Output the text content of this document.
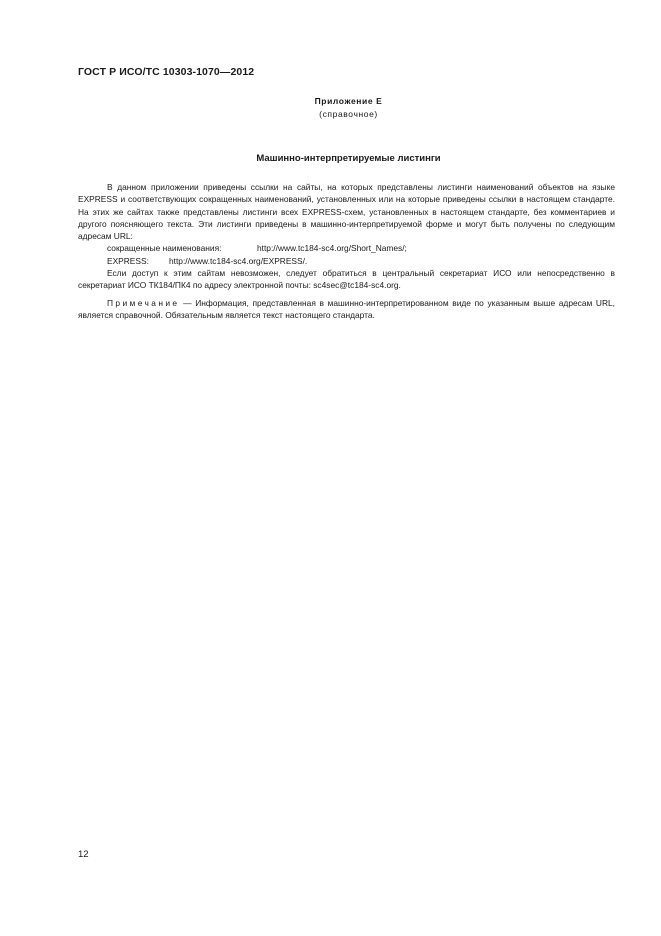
ГОСТ Р ИСО/ТС 10303-1070—2012
Приложение Е
(справочное)
Машинно-интерпретируемые листинги

В данном приложении приведены ссылки на сайты, на которых представлены листинги наименований объектов на языке EXPRESS и соответствующих сокращенных наименований, установленных или на которые приведены ссылки в настоящем стандарте. На этих же сайтах также представлены листинги всех EXPRESS-схем, установленных в настоящем стандарте, без комментариев и другого поясняющего текста. Эти листинги приведены в машинно-интерпретируемой форме и могут быть получены по следующим адресам URL:

сокращенные наименования:	http://www.tc184-sc4.org/Short_Names/;
EXPRESS: http://www.tc184-sc4.org/EXPRESS/.

Если доступ к этим сайтам невозможен, следует обратиться в центральный секретариат ИСО или непосредственно в секретариат ИСО ТК184/ПК4 по адресу электронной почты: sc4sec@tc184-sc4.org.

Примечание — Информация, представленная в машинно-интерпретированном виде по указанным выше адресам URL, является справочной. Обязательным является текст настоящего стандарта.

12
